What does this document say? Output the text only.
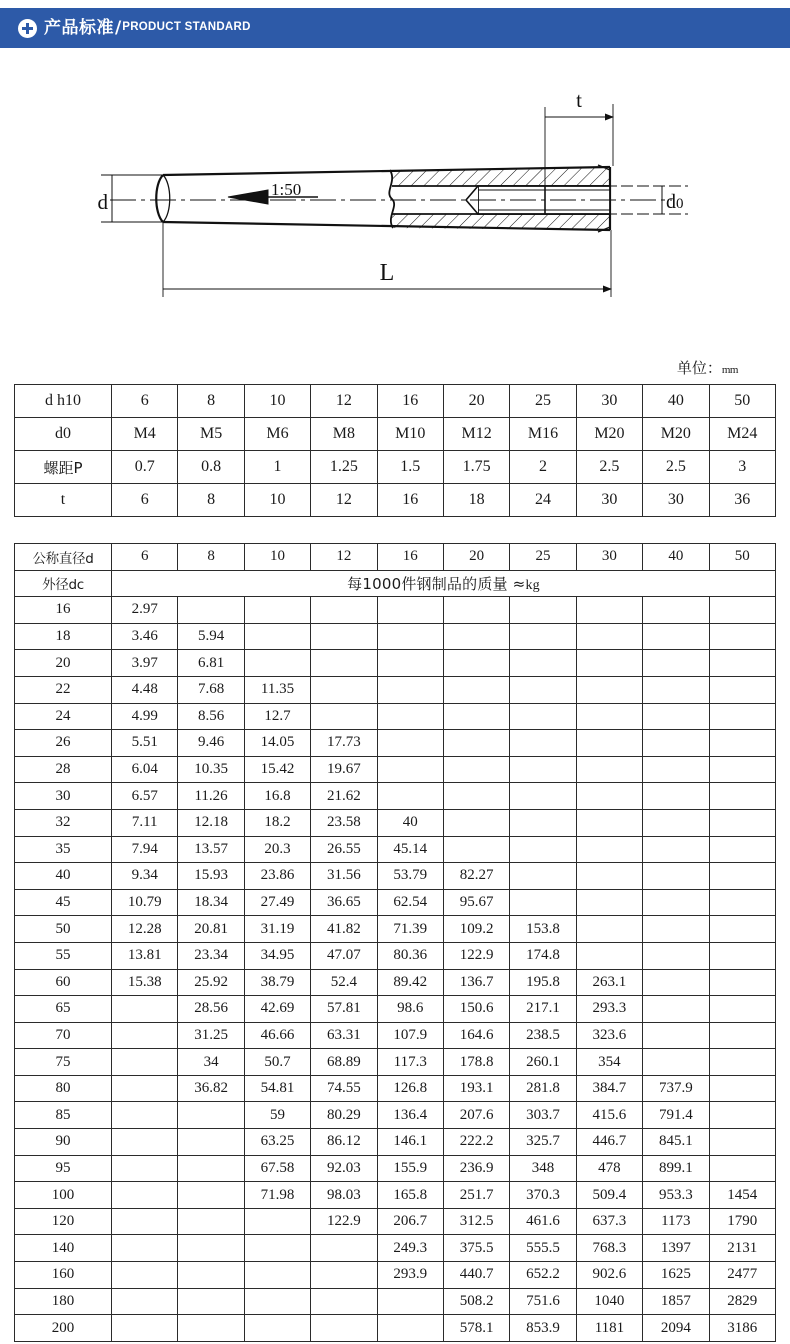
产品标准 / PRODUCT STANDARD
1:50
d	d0
t
L
单位：mm
d h10	6	8	10	12	16	20	25	30	40	50
d0	M4	M5	M6	M8	M10	M12	M16	M20	M20	M24
螺距P	0.7	0.8	1	1.25	1.5	1.75	2	2.5	2.5	3
t	6	8	10	12	16	18	24	30	30	36
公称直径d	6	8	10	12	16	20	25	30	40	50
外径dc	每1000件钢制品的质量 ≈kg									
16	2.97									
18	3.46	5.94								
20	3.97	6.81								
22	4.48	7.68	11.35							
24	4.99	8.56	12.7							
26	5.51	9.46	14.05	17.73						
28	6.04	10.35	15.42	19.67						
30	6.57	11.26	16.8	21.62						
32	7.11	12.18	18.2	23.58	40					
35	7.94	13.57	20.3	26.55	45.14					
40	9.34	15.93	23.86	31.56	53.79	82.27				
45	10.79	18.34	27.49	36.65	62.54	95.67				
50	12.28	20.81	31.19	41.82	71.39	109.2	153.8			
55	13.81	23.34	34.95	47.07	80.36	122.9	174.8			
60	15.38	25.92	38.79	52.4	89.42	136.7	195.8	263.1		
65		28.56	42.69	57.81	98.6	150.6	217.1	293.3		
70		31.25	46.66	63.31	107.9	164.6	238.5	323.6		
75		34	50.7	68.89	117.3	178.8	260.1	354		
80		36.82	54.81	74.55	126.8	193.1	281.8	384.7	737.9	
85			59	80.29	136.4	207.6	303.7	415.6	791.4	
90			63.25	86.12	146.1	222.2	325.7	446.7	845.1	
95			67.58	92.03	155.9	236.9	348	478	899.1	
100			71.98	98.03	165.8	251.7	370.3	509.4	953.3	1454
120				122.9	206.7	312.5	461.6	637.3	1173	1790
140					249.3	375.5	555.5	768.3	1397	2131
160					293.9	440.7	652.2	902.6	1625	2477
180						508.2	751.6	1040	1857	2829
200						578.1	853.9	1181	2094	3186
